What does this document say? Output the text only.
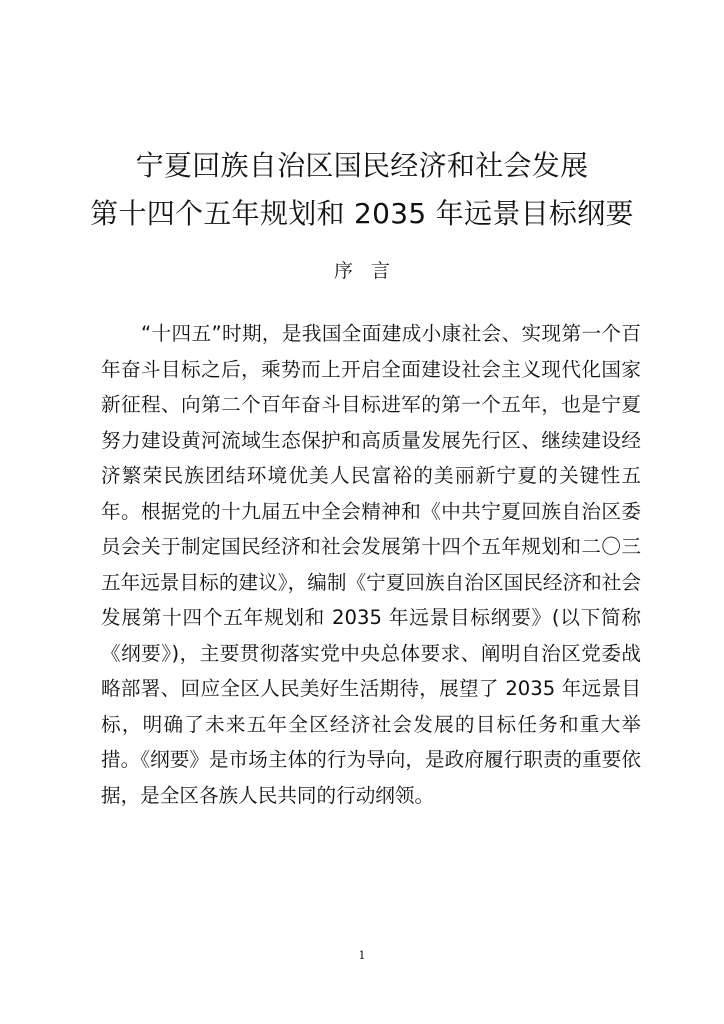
宁夏回族自治区国民经济和社会发展
第十四个五年规划和 2035 年远景目标纲要
序言

“十四五”时期，是我国全面建成小康社会、实现第一个百年奋斗目标之后，乘势而上开启全面建设社会主义现代化国家新征程、向第二个百年奋斗目标进军的第一个五年，也是宁夏努力建设黄河流域生态保护和高质量发展先行区、继续建设经济繁荣民族团结环境优美人民富裕的美丽新宁夏的关键性五年。根据党的十九届五中全会精神和《中共宁夏回族自治区委员会关于制定国民经济和社会发展第十四个五年规划和二〇三五年远景目标的建议》，编制《宁夏回族自治区国民经济和社会发展第十四个五年规划和 2035 年远景目标纲要》(以下简称《纲要》)，主要贯彻落实党中央总体要求、阐明自治区党委战略部署、回应全区人民美好生活期待，展望了 2035 年远景目标，明确了未来五年全区经济社会发展的目标任务和重大举措。《纲要》是市场主体的行为导向，是政府履行职责的重要依据，是全区各族人民共同的行动纲领。

1
